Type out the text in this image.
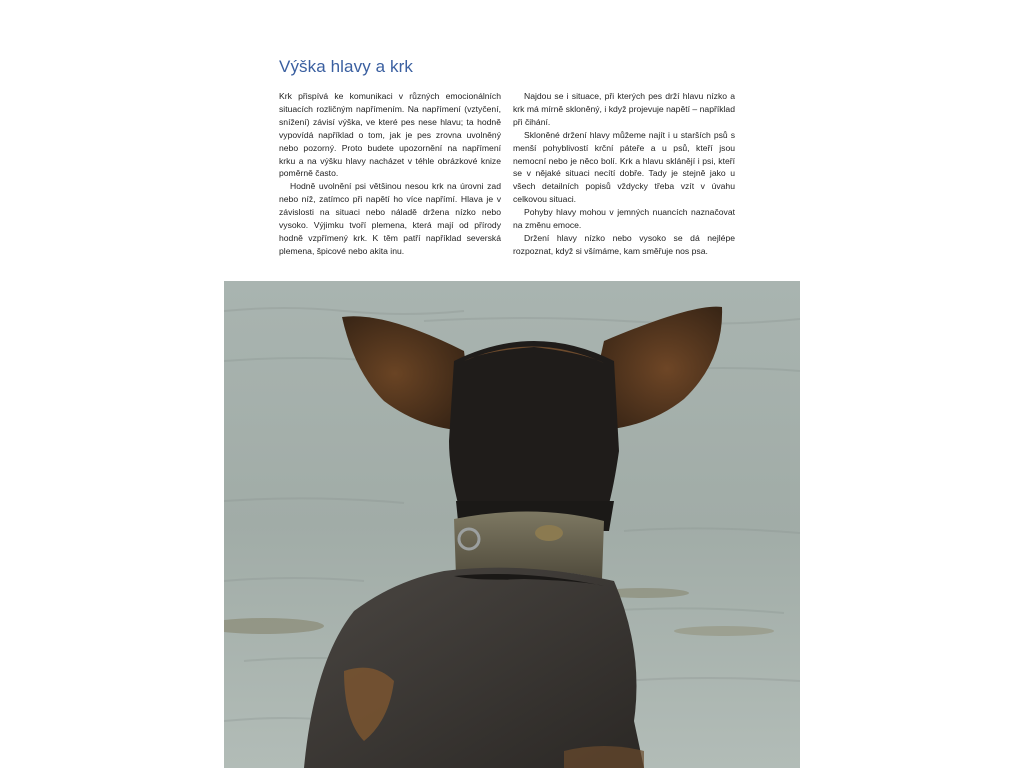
Výška hlavy a krk

Krk přispívá ke komunikaci v různých emocionálních situacích rozličným napřímením. Na napřímení (vztyčení, snížení) závisí výška, ve které pes nese hlavu; ta hodně vypovídá například o tom, jak je pes zrovna uvolněný nebo pozorný. Proto budete upozornění na napřímení krku a na výšku hlavy nacházet v téhle obrázkové knize poměrně často.

Hodně uvolnění psi většinou nesou krk na úrovni zad nebo níž, zatímco při napětí ho více napřímí. Hlava je v závislosti na situaci nebo náladě držena nízko nebo vysoko. Výjimku tvoří plemena, která mají od přírody hodně vzpřímený krk. K těm patří například severská plemena, špicové nebo akita inu.

Najdou se i situace, při kterých pes drží hlavu nízko a krk má mírně skloněný, i když projevuje napětí – například při čihání.

Skloněné držení hlavy můžeme najít i u starších psů s menší pohyblivostí krční páteře a u psů, kteří jsou nemocní nebo je něco bolí. Krk a hlavu sklánějí i psi, kteří se v nějaké situaci necítí dobře. Tady je stejně jako u všech detailních popisů vždycky třeba vzít v úvahu celkovou situaci.

Pohyby hlavy mohou v jemných nuancích naznačovat na změnu emoce.

Držení hlavy nízko nebo vysoko se dá nejlépe rozpoznat, když si všímáme, kam směřuje nos psa.
